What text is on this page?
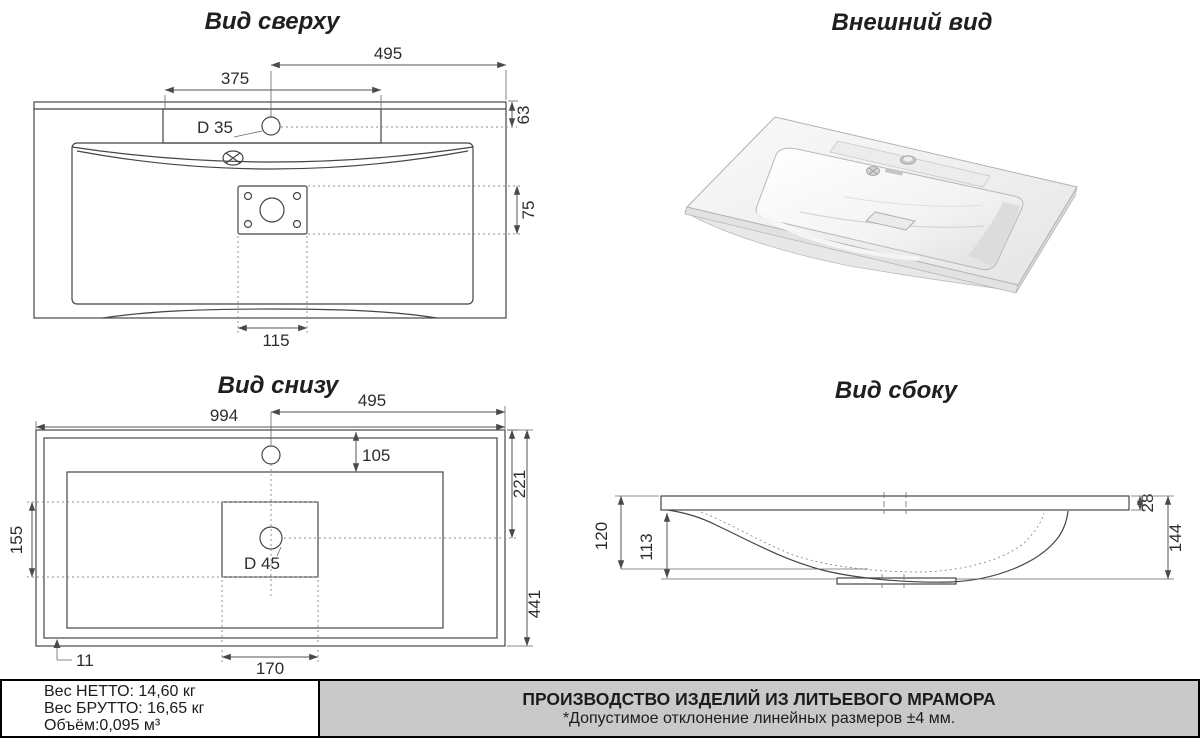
Вид сверху
495
375
D 35
63
75
115
Внешний вид
Вид снизу
495
994
105
221
441
155
D 45
11	170
Вид сбоку
120 113
28
144
Вес НЕТТО: 14,60 кг
Вес БРУТТО: 16,65 кг
Объём:0,095 м³
ПРОИЗВОДСТВО ИЗДЕЛИЙ ИЗ ЛИТЬЕВОГО МРАМОРА
*Допустимое отклонение линейных размеров ±4 мм.
